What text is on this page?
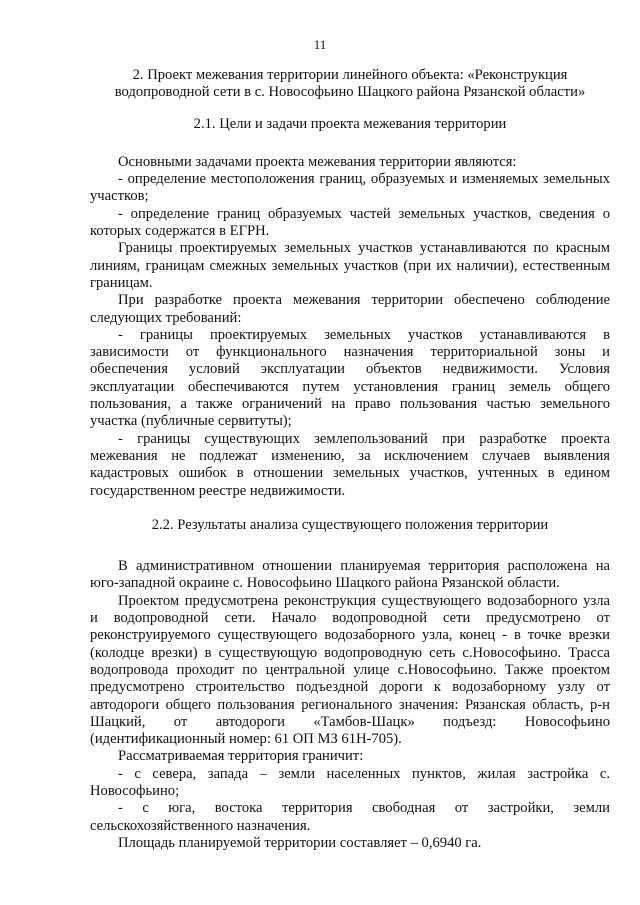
11
2. Проект межевания территории линейного объекта: «Реконструкция водопроводной сети в с. Новософьино Шацкого района Рязанской области»
2.1. Цели и задачи проекта межевания территории

Основными задачами проекта межевания территории являются:

- определение местоположения границ, образуемых и изменяемых земельных участков;

- определение границ образуемых частей земельных участков, сведения о которых содержатся в ЕГРН.

Границы проектируемых земельных участков устанавливаются по красным линиям, границам смежных земельных участков (при их наличии), естественным границам.

При разработке проекта межевания территории обеспечено соблюдение следующих требований:

- границы проектируемых земельных участков устанавливаются в зависимости от функционального назначения территориальной зоны и обеспечения условий эксплуатации объектов недвижимости. Условия эксплуатации обеспечиваются путем установления границ земель общего пользования, а также ограничений на право пользования частью земельного участка (публичные сервитуты);

- границы существующих землепользований при разработке проекта межевания не подлежат изменению, за исключением случаев выявления кадастровых ошибок в отношении земельных участков, учтенных в едином государственном реестре недвижимости.

2.2. Результаты анализа существующего положения территории

В административном отношении планируемая территория расположена на юго-западной окраине с. Новософьино Шацкого района Рязанской области.

Проектом предусмотрена реконструкция существующего водозаборного узла и водопроводной сети. Начало водопроводной сети предусмотрено от реконструируемого существующего водозаборного узла, конец - в точке врезки (колодце врезки) в существующую водопроводную сеть с.Новософьино. Трасса водопровода проходит по центральной улице с.Новософьино. Также проектом предусмотрено строительство подъездной дороги к водозаборному узлу от автодороги общего пользования регионального значения: Рязанская область, р-н Шацкий, от автодороги «Тамбов-Шацк» подъезд: Новософьино (идентификационный номер: 61 ОП МЗ 61Н-705).

Рассматриваемая территория граничит:

- с севера, запада – земли населенных пунктов, жилая застройка с. Новософьино;

- с юга, востока территория свободная от застройки, земли сельскохозяйственного назначения.

Площадь планируемой территории составляет – 0,6940 га.
